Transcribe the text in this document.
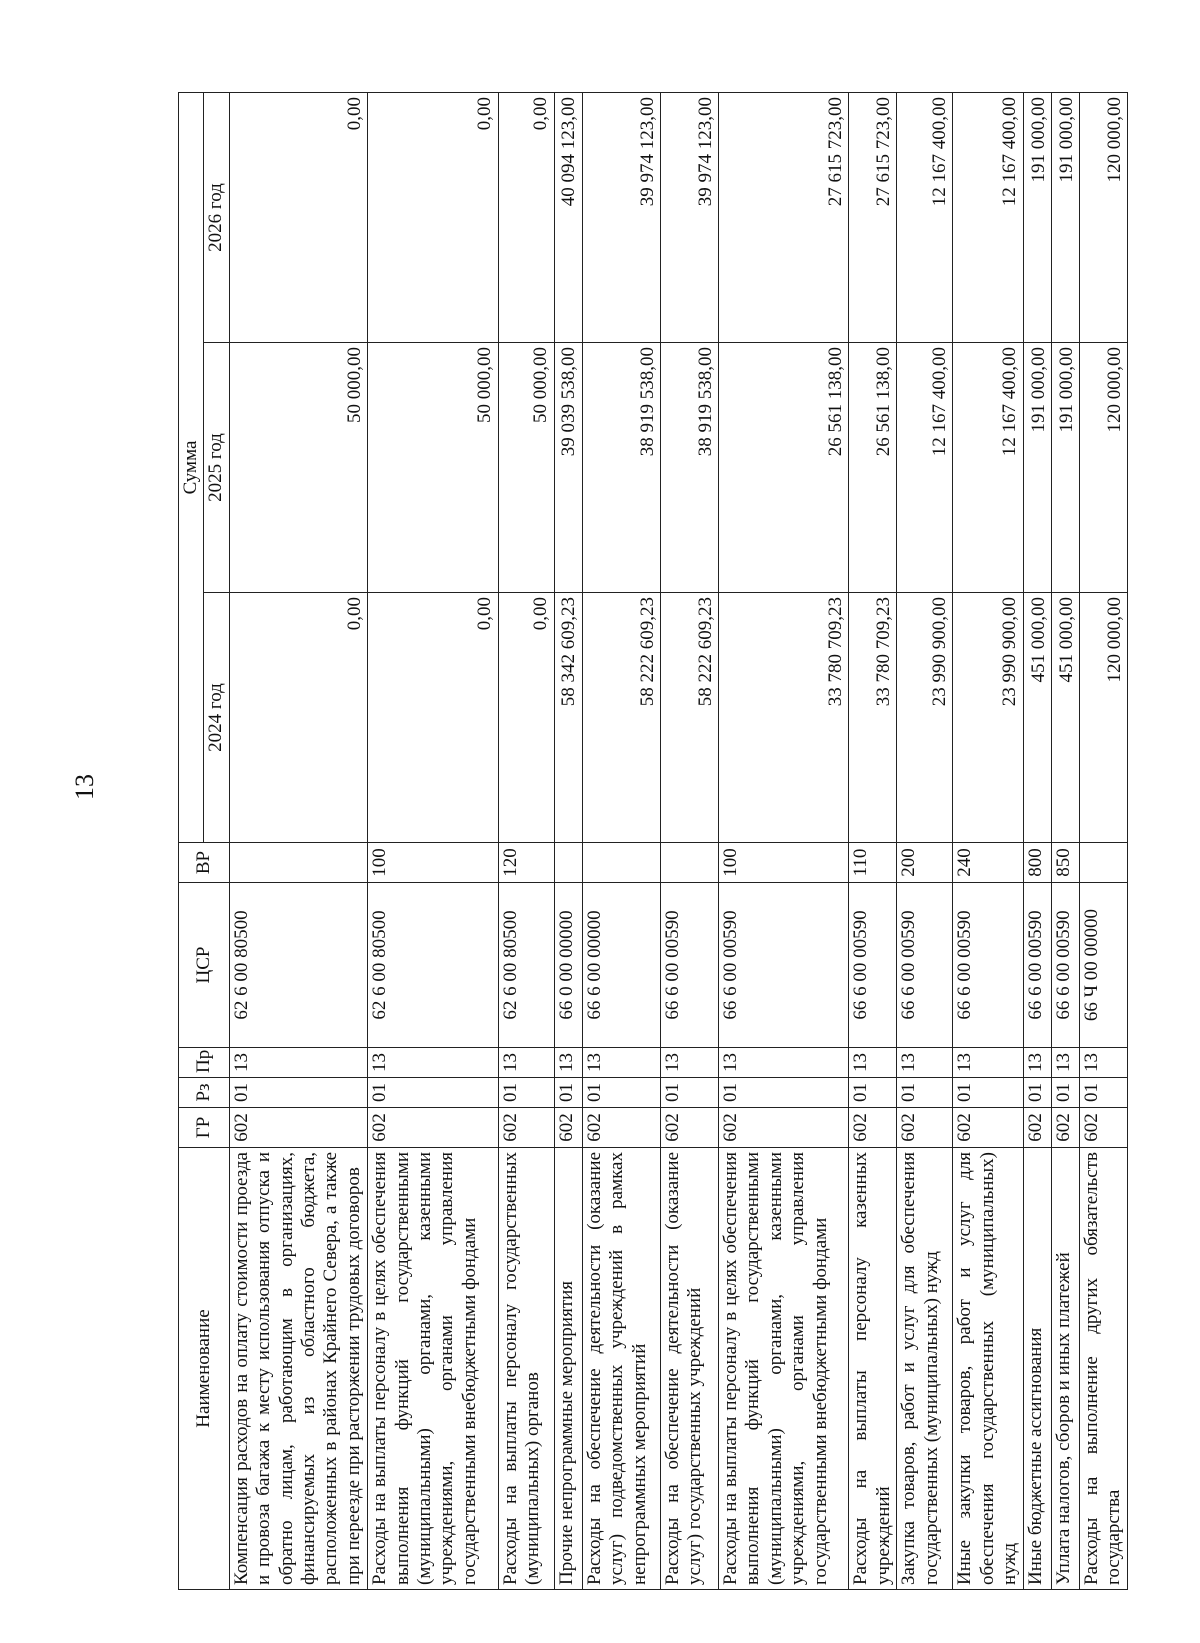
13
Наименование	ГР	Рз	Пр	ЦСР	ВР	Сумма		
						2024 год	2025 год	2026 год
Компенсация расходов на оплату стоимости проезда и провоза багажа к месту использования отпуска и обратно лицам, работающим в организациях, финансируемых из областного бюджета, расположенных в районах Крайнего Севера, а также при переезде при расторжении трудовых договоров	602	01	13	62 6 00 80500		0,00	50 000,00	0,00
Расходы на выплаты персоналу в целях обеспечения выполнения функций государственными (муниципальными) органами, казенными учреждениями, органами управления государственными внебюджетными фондами	602	01	13	62 6 00 80500	100	0,00	50 000,00	0,00
Расходы на выплаты персоналу государственных (муниципальных) органов	602	01	13	62 6 00 80500	120	0,00	50 000,00	0,00
Прочие непрограммные мероприятия	602	01	13	66 0 00 00000		58 342 609,23	39 039 538,00	40 094 123,00
Расходы на обеспечение деятельности (оказание услуг) подведомственных учреждений в рамках непрограммных мероприятий	602	01	13	66 6 00 00000		58 222 609,23	38 919 538,00	39 974 123,00
Расходы на обеспечение деятельности (оказание услуг) государственных учреждений	602	01	13	66 6 00 00590		58 222 609,23	38 919 538,00	39 974 123,00
Расходы на выплаты персоналу в целях обеспечения выполнения функций государственными (муниципальными) органами, казенными учреждениями, органами управления государственными внебюджетными фондами	602	01	13	66 6 00 00590	100	33 780 709,23	26 561 138,00	27 615 723,00
Расходы на выплаты персоналу казенных учреждений	602	01	13	66 6 00 00590	110	33 780 709,23	26 561 138,00	27 615 723,00
Закупка товаров, работ и услуг для обеспечения государственных (муниципальных) нужд	602	01	13	66 6 00 00590	200	23 990 900,00	12 167 400,00	12 167 400,00
Иные закупки товаров, работ и услуг для обеспечения государственных (муниципальных) нужд	602	01	13	66 6 00 00590	240	23 990 900,00	12 167 400,00	12 167 400,00
Иные бюджетные ассигнования	602	01	13	66 6 00 00590	800	451 000,00	191 000,00	191 000,00
Уплата налогов, сборов и иных платежей	602	01	13	66 6 00 00590	850	451 000,00	191 000,00	191 000,00
Расходы на выполнение других обязательств государства	602	01	13	66 Ч 00 00000		120 000,00	120 000,00	120 000,00
